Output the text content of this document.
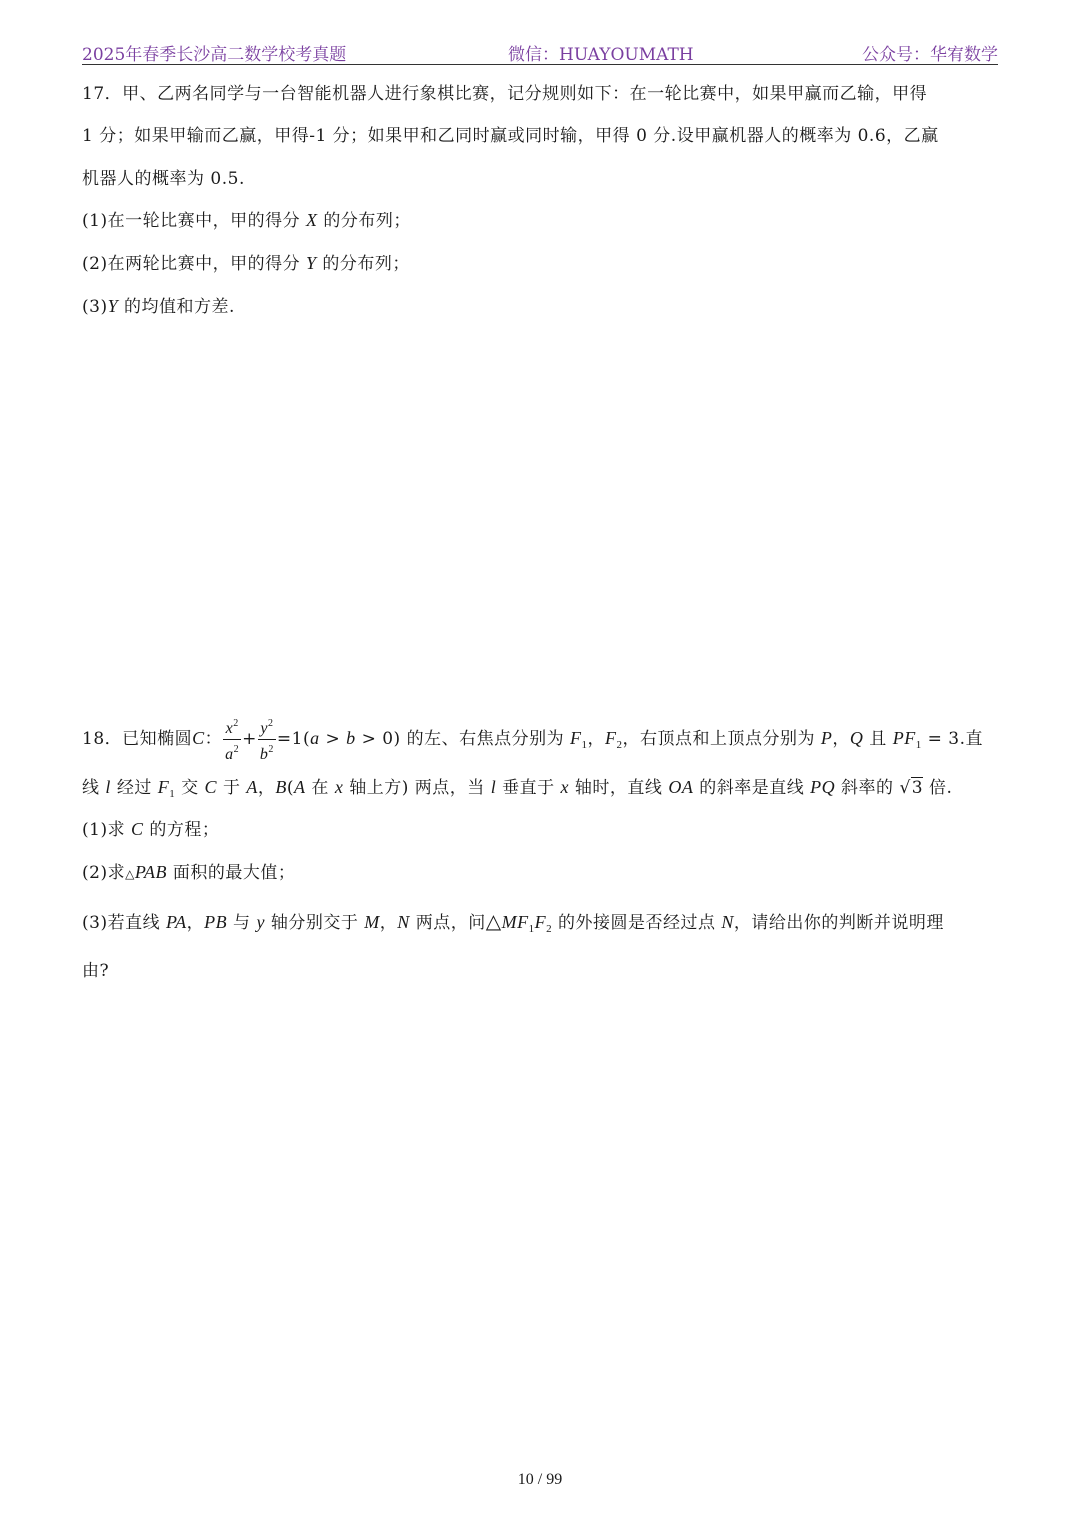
2025年春季长沙高二数学校考真题	微信：HUAYOUMATH	公众号：华宥数学
17．甲、乙两名同学与一台智能机器人进行象棋比赛，记分规则如下：在一轮比赛中，如果甲赢而乙输，甲得
1 分；如果甲输而乙赢，甲得-1 分；如果甲和乙同时赢或同时输，甲得 0 分.设甲赢机器人的概率为 0.6，乙赢
机器人的概率为 0.5.
(1)在一轮比赛中，甲的得分 X 的分布列；
(2)在两轮比赛中，甲的得分 Y 的分布列；
(3)Y 的均值和方差.
18．已知椭圆C： $\frac{x^2}{a^2} + \frac{y^2}{b^2} =1(a > b > 0)$ 的左、右焦点分别为 $F_1$，$F_2$，右顶点和上顶点分别为 P，Q 且 $PF_1 = 3$.直
线 l 经过 $F_1$ 交 C 于 A，B(A 在 x 轴上方) 两点，当 l 垂直于 x 轴时，直线 OA 的斜率是直线 PQ 斜率的 √3 倍.
(1)求 C 的方程；
(2)求△PAB 面积的最大值；
(3)若直线 PA，PB 与 y 轴分别交于 M，N 两点，问$\triangle MF_1F_2$ 的外接圆是否经过点 N，请给出你的判断并说明理
由?
10 / 99
